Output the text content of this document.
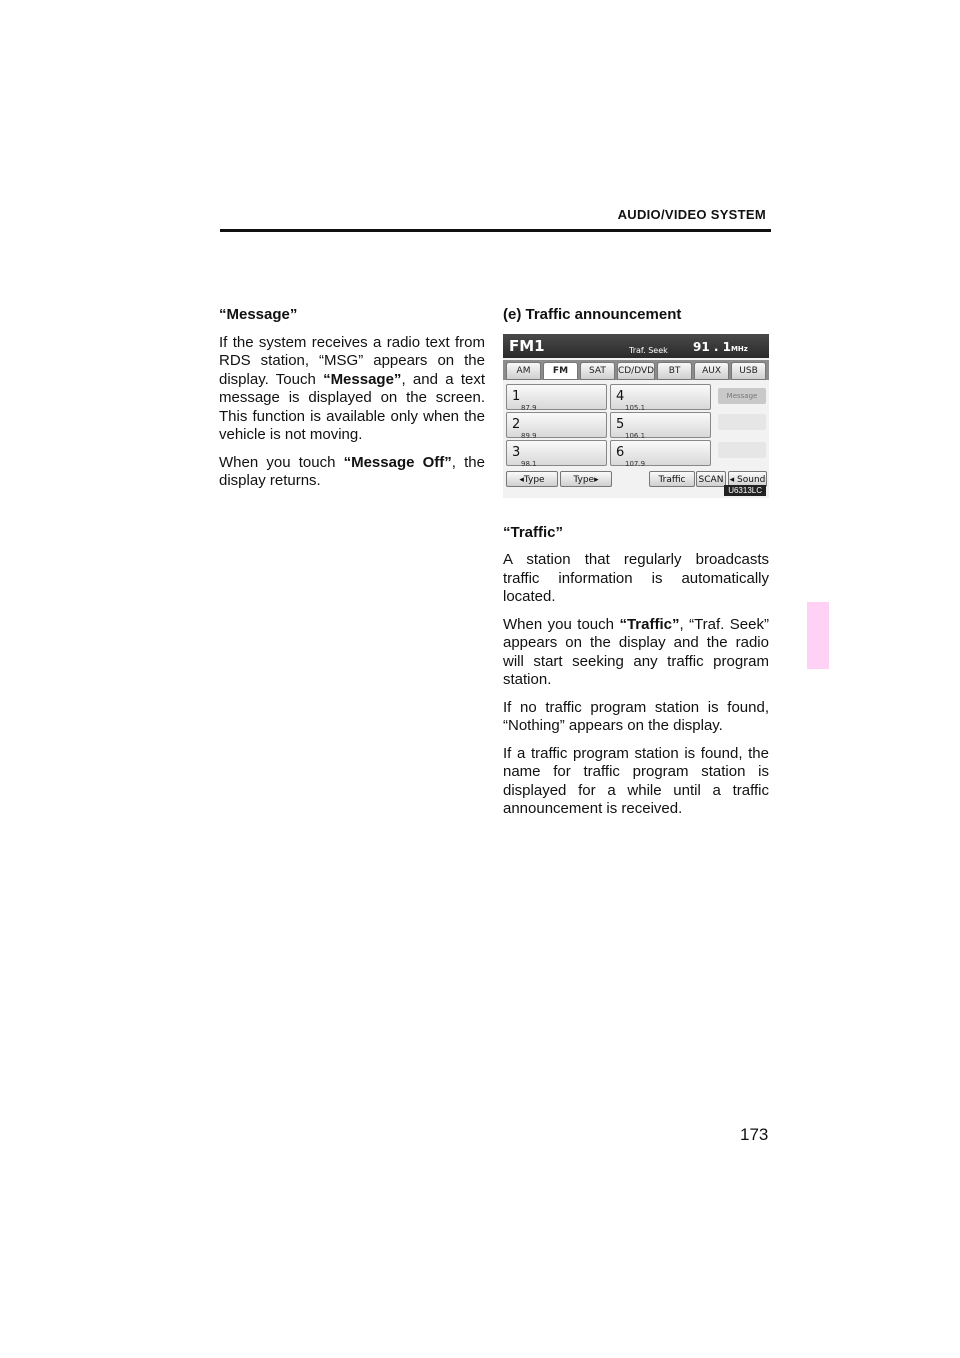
AUDIO/VIDEO SYSTEM
“Message”

If the system receives a radio text from RDS station, “MSG” appears on the display. Touch “Message”, and a text message is displayed on the screen. This function is available only when the vehicle is not moving.

When you touch “Message Off”, the display returns.

(e) Traffic announcement
FM1	Traf. Seek 91 . 1MHz
AM	FM	SAT	CD/DVD	BT	AUX	USB
1
87.9
2
89.9
3
98.1
4
105.1
5
106.1
6
107.9
Message
◂Type	Type▸	Traffic	SCAN ◂ Sound
U6313LC
“Traffic”

A station that regularly broadcasts traffic information is automatically located.

When you touch “Traffic”, “Traf. Seek” appears on the display and the radio will start seeking any traffic program station.

If no traffic program station is found, “Nothing” appears on the display.

If a traffic program station is found, the name for traffic program station is displayed for a while until a traffic announcement is received.

173
